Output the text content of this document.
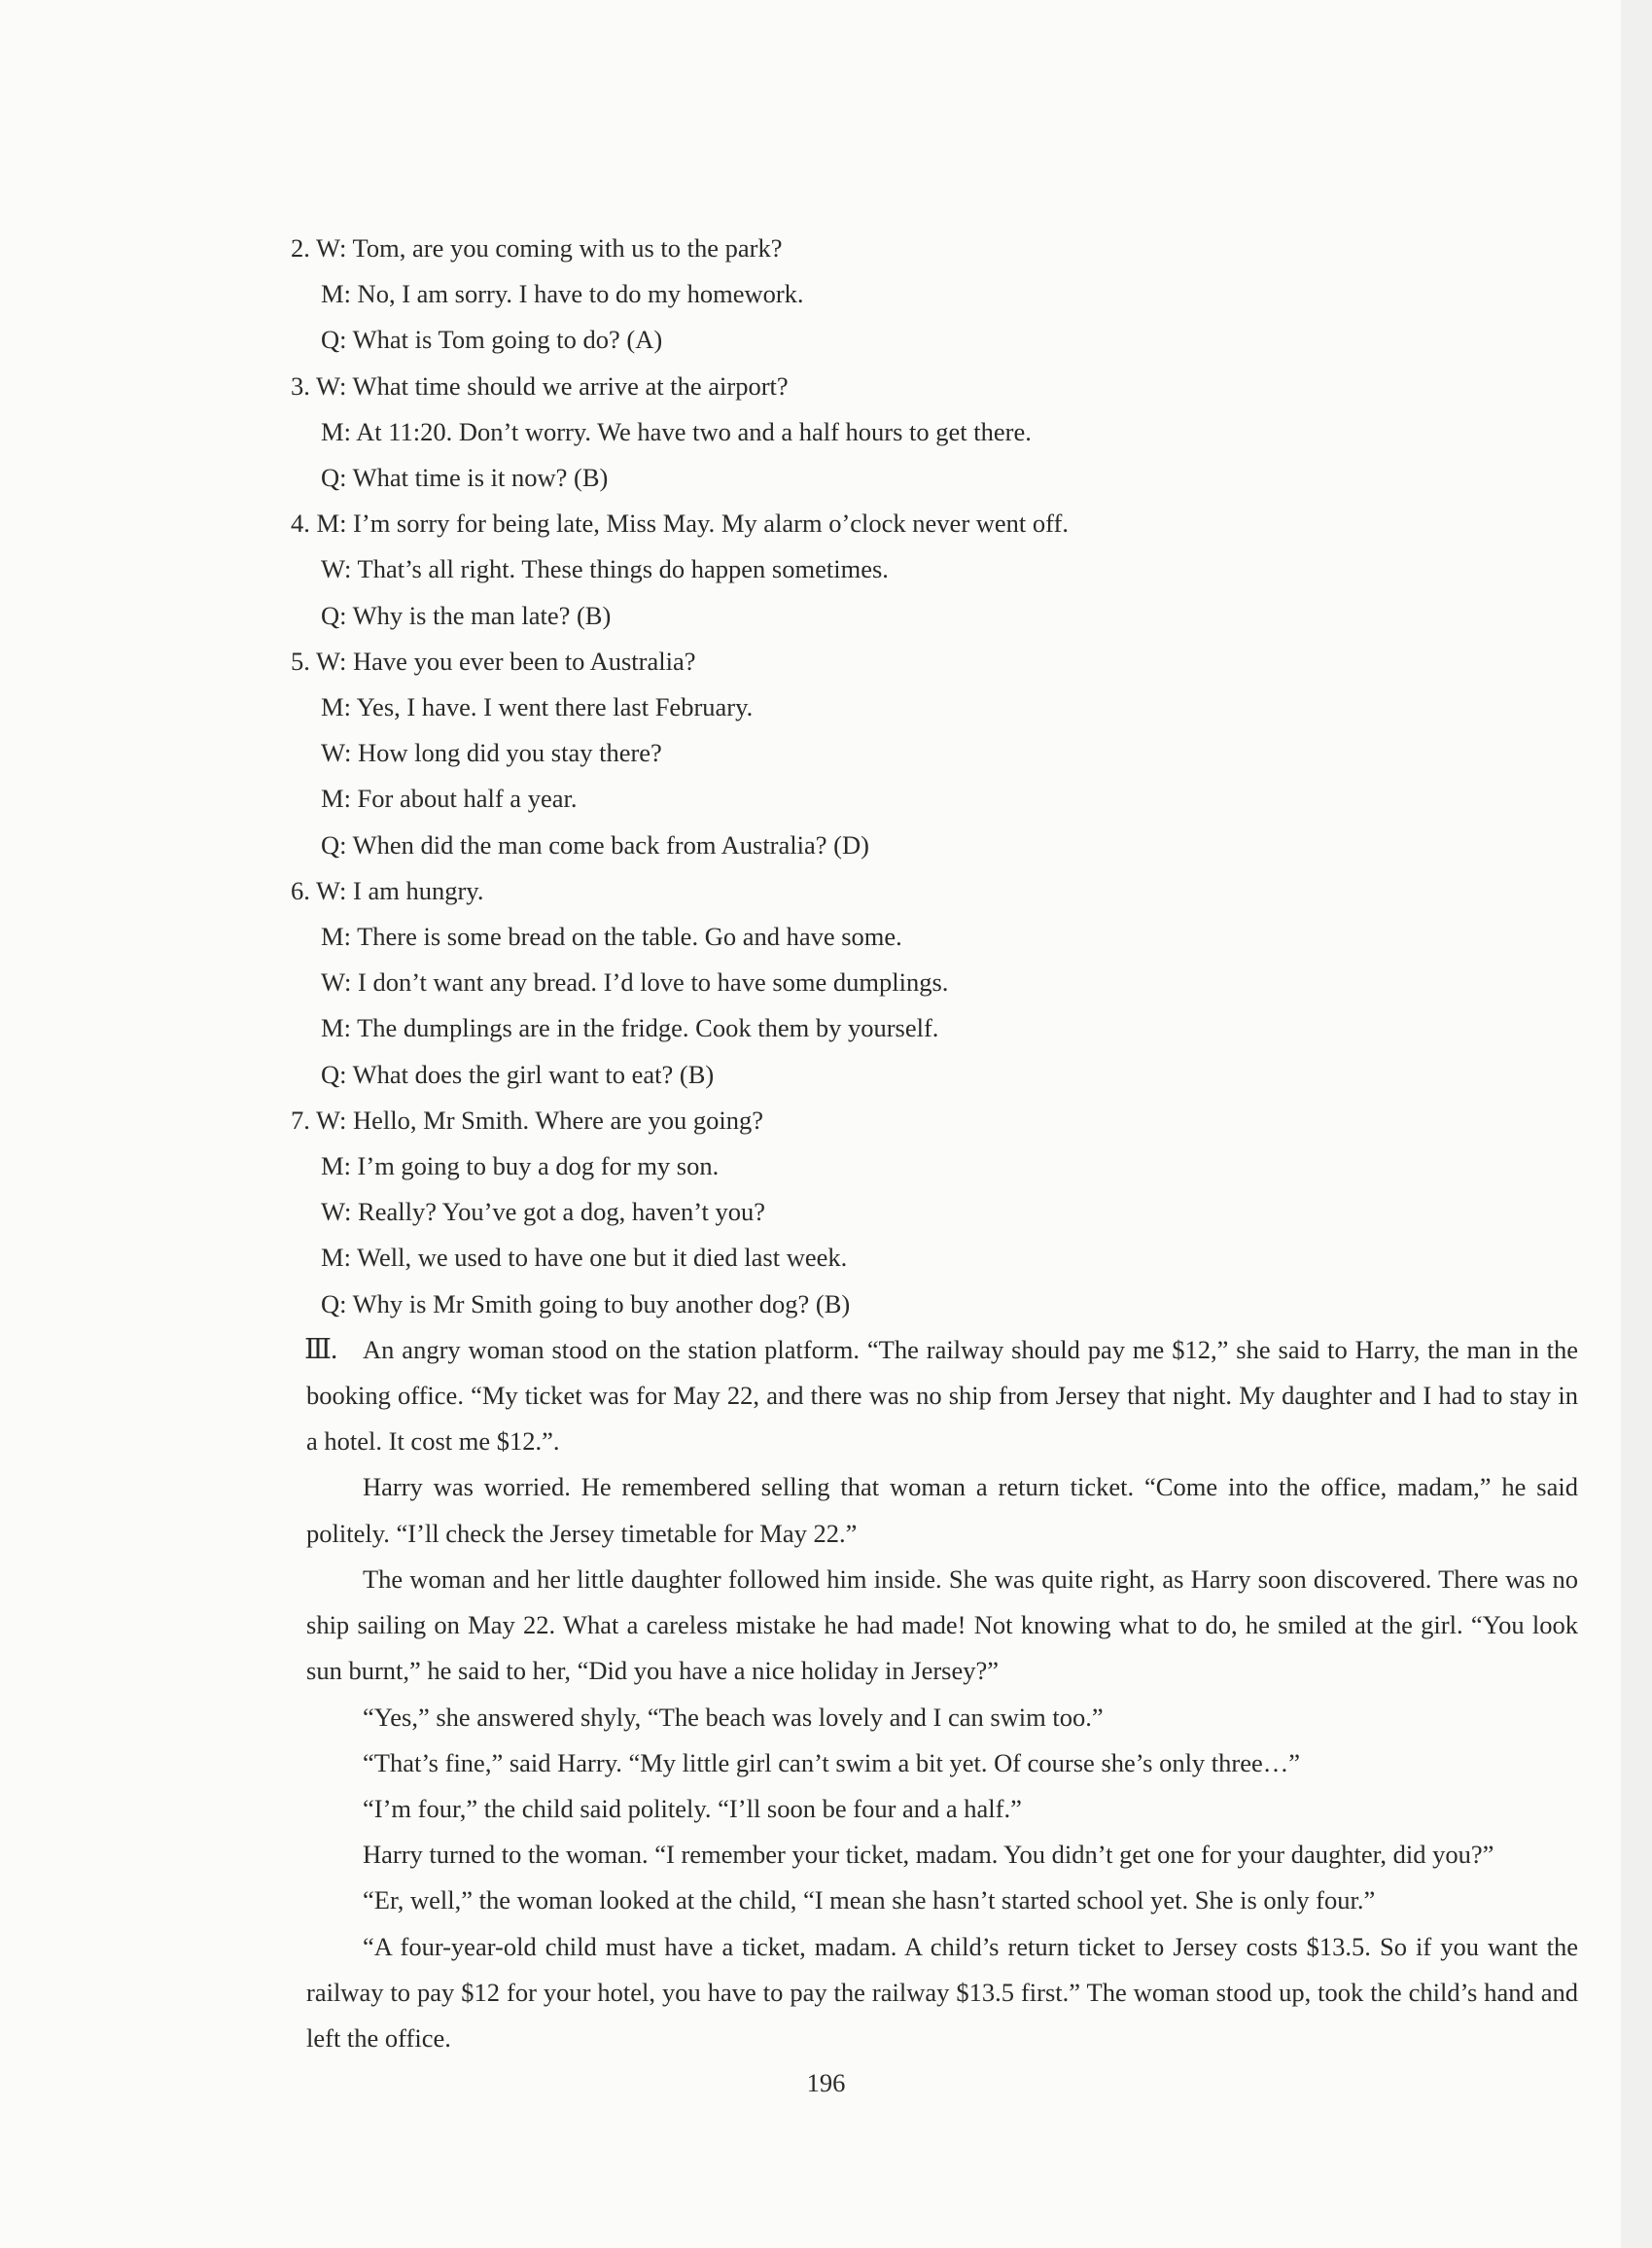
2. W: Tom, are you coming with us to the park?
M: No, I am sorry. I have to do my homework.
Q: What is Tom going to do? (A)
3. W: What time should we arrive at the airport?
M: At 11:20. Don’t worry. We have two and a half hours to get there.
Q: What time is it now? (B)
4. M: I’m sorry for being late, Miss May. My alarm o’clock never went off.
W: That’s all right. These things do happen sometimes.
Q: Why is the man late? (B)
5. W: Have you ever been to Australia?
M: Yes, I have. I went there last February.
W: How long did you stay there?
M: For about half a year.
Q: When did the man come back from Australia? (D)
6. W: I am hungry.
M: There is some bread on the table. Go and have some.
W: I don’t want any bread. I’d love to have some dumplings.
M: The dumplings are in the fridge. Cook them by yourself.
Q: What does the girl want to eat? (B)
7. W: Hello, Mr Smith. Where are you going?
M: I’m going to buy a dog for my son.
W: Really? You’ve got a dog, haven’t you?
M: Well, we used to have one but it died last week.
Q: Why is Mr Smith going to buy another dog? (B)
Ⅲ. An angry woman stood on the station platform. “The railway should pay me $12,” she said to Harry, the man in the booking office. “My ticket was for May 22, and there was no ship from Jersey that night. My daughter and I had to stay in a hotel. It cost me $12.”.
Harry was worried. He remembered selling that woman a return ticket. “Come into the office, madam,” he said politely. “I’ll check the Jersey timetable for May 22.”
The woman and her little daughter followed him inside. She was quite right, as Harry soon discovered. There was no ship sailing on May 22. What a careless mistake he had made! Not knowing what to do, he smiled at the girl. “You look sun burnt,” he said to her, “Did you have a nice holiday in Jersey?”
“Yes,” she answered shyly, “The beach was lovely and I can swim too.”
“That’s fine,” said Harry. “My little girl can’t swim a bit yet. Of course she’s only three…”
“I’m four,” the child said politely. “I’ll soon be four and a half.”
Harry turned to the woman. “I remember your ticket, madam. You didn’t get one for your daughter, did you?”
“Er, well,” the woman looked at the child, “I mean she hasn’t started school yet. She is only four.”
“A four-year-old child must have a ticket, madam. A child’s return ticket to Jersey costs $13.5. So if you want the railway to pay $12 for your hotel, you have to pay the railway $13.5 first.” The woman stood up, took the child’s hand and left the office.
196
